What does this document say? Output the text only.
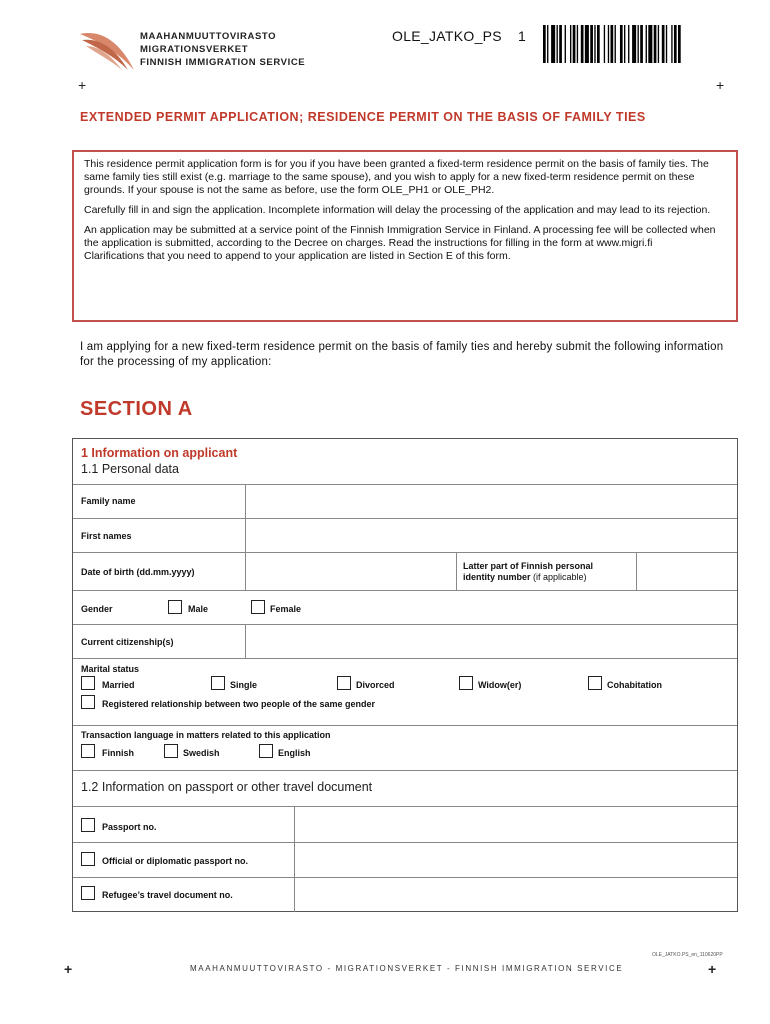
MAAHANMUUTTOVIRASTO
MIGRATIONSVERKET
FINNISH IMMIGRATION SERVICE
OLE_JATKO_PS 1
+	+
EXTENDED PERMIT APPLICATION; RESIDENCE PERMIT ON THE BASIS OF FAMILY TIES

This residence permit application form is for you if you have been granted a fixed-term residence permit on the basis of family ties. The same family ties still exist (e.g. marriage to the same spouse), and you wish to apply for a new fixed-term residence permit on these grounds. If your spouse is not the same as before, use the form OLE_PH1 or OLE_PH2.

Carefully fill in and sign the application. Incomplete information will delay the processing of the application and may lead to its rejection.

An application may be submitted at a service point of the Finnish Immigration Service in Finland. A processing fee will be collected when the application is submitted, according to the Decree on charges. Read the instructions for filling in the form at www.migri.fi
Clarifications that you need to append to your application are listed in Section E of this form.

I am applying for a new fixed-term residence permit on the basis of family ties and hereby submit the following information for the processing of my application:
SECTION A
1 Information on applicant
1.1 Personal data
Family name
First names
Date of birth (dd.mm.yyyy)
Latter part of Finnish personal
identity number (if applicable)
Gender	Male	Female
Current citizenship(s)
Marital status
Married	Single	Divorced	Widow(er)	Cohabitation
Registered relationship between two people of the same gender
Transaction language in matters related to this application
Finnish	Swedish	English
1.2 Information on passport or other travel document
Passport no.
Official or diplomatic passport no.
Refugee’s travel document no.
OLE_JATKO.PS_en_110620PP
+	MAAHANMUUTTOVIRASTO - MIGRATIONSVERKET - FINNISH IMMIGRATION SERVICE	+
